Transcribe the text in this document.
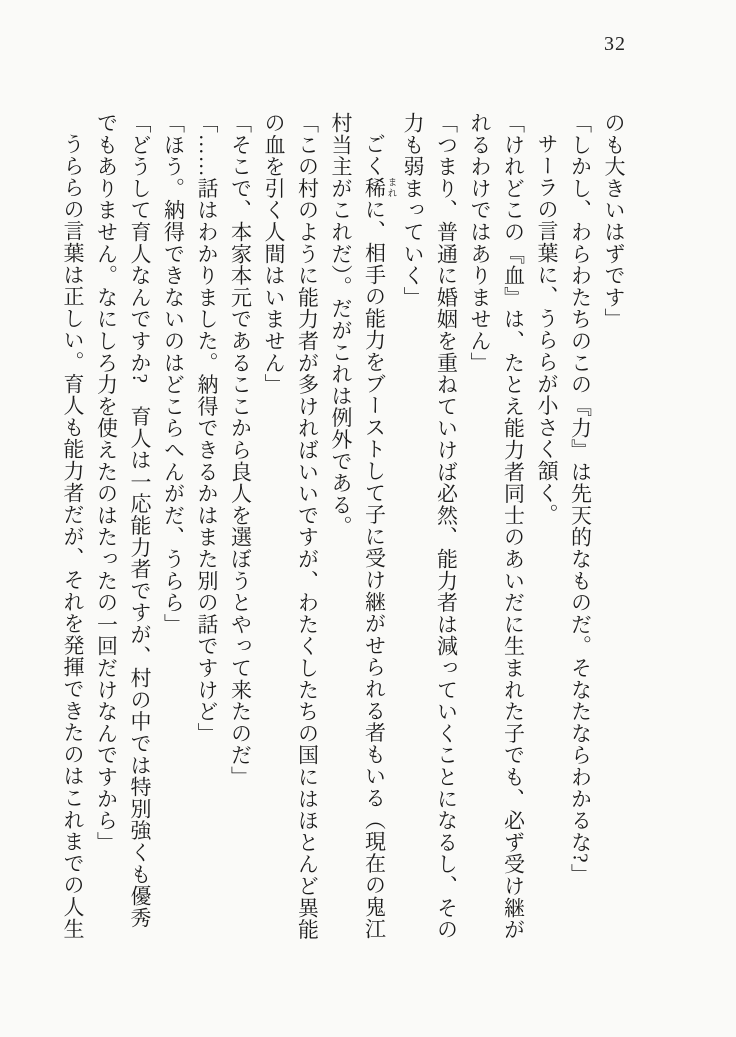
32

のも大きいはずです」

「しかし、わらわたちのこの『力』は先天的なものだ。そなたならわかるな?」

サーラの言葉に、うららが小さく頷く。

「けれどこの『血』は、たとえ能力者同士のあいだに生まれた子でも、必ず受け継が

れるわけではありません」

「つまり、普通に婚姻を重ねていけば必然、能力者は減っていくことになるし、その

力も弱まっていく」

ごく稀 まれに、相手の能力をブーストして子に受け継がせられる者もいる（現在の鬼江

村当主がこれだ）。だがこれは例外である。

「この村のように能力者が多ければいいですが、わたくしたちの国にはほとんど異能

の血を引く人間はいません」

「そこで、本家本元であるここから良人を選ぼうとやって来たのだ」

「……話はわかりました。納得できるかはまた別の話ですけど」

「ほう。納得できないのはどこらへんがだ、うらら」

「どうして育人なんですか?　育人は一応能力者ですが、村の中では特別強くも優秀

でもありません。なにしろ力を使えたのはたったの一回だけなんですから」

うららの言葉は正しい。育人も能力者だが、それを発揮できたのはこれまでの人生
